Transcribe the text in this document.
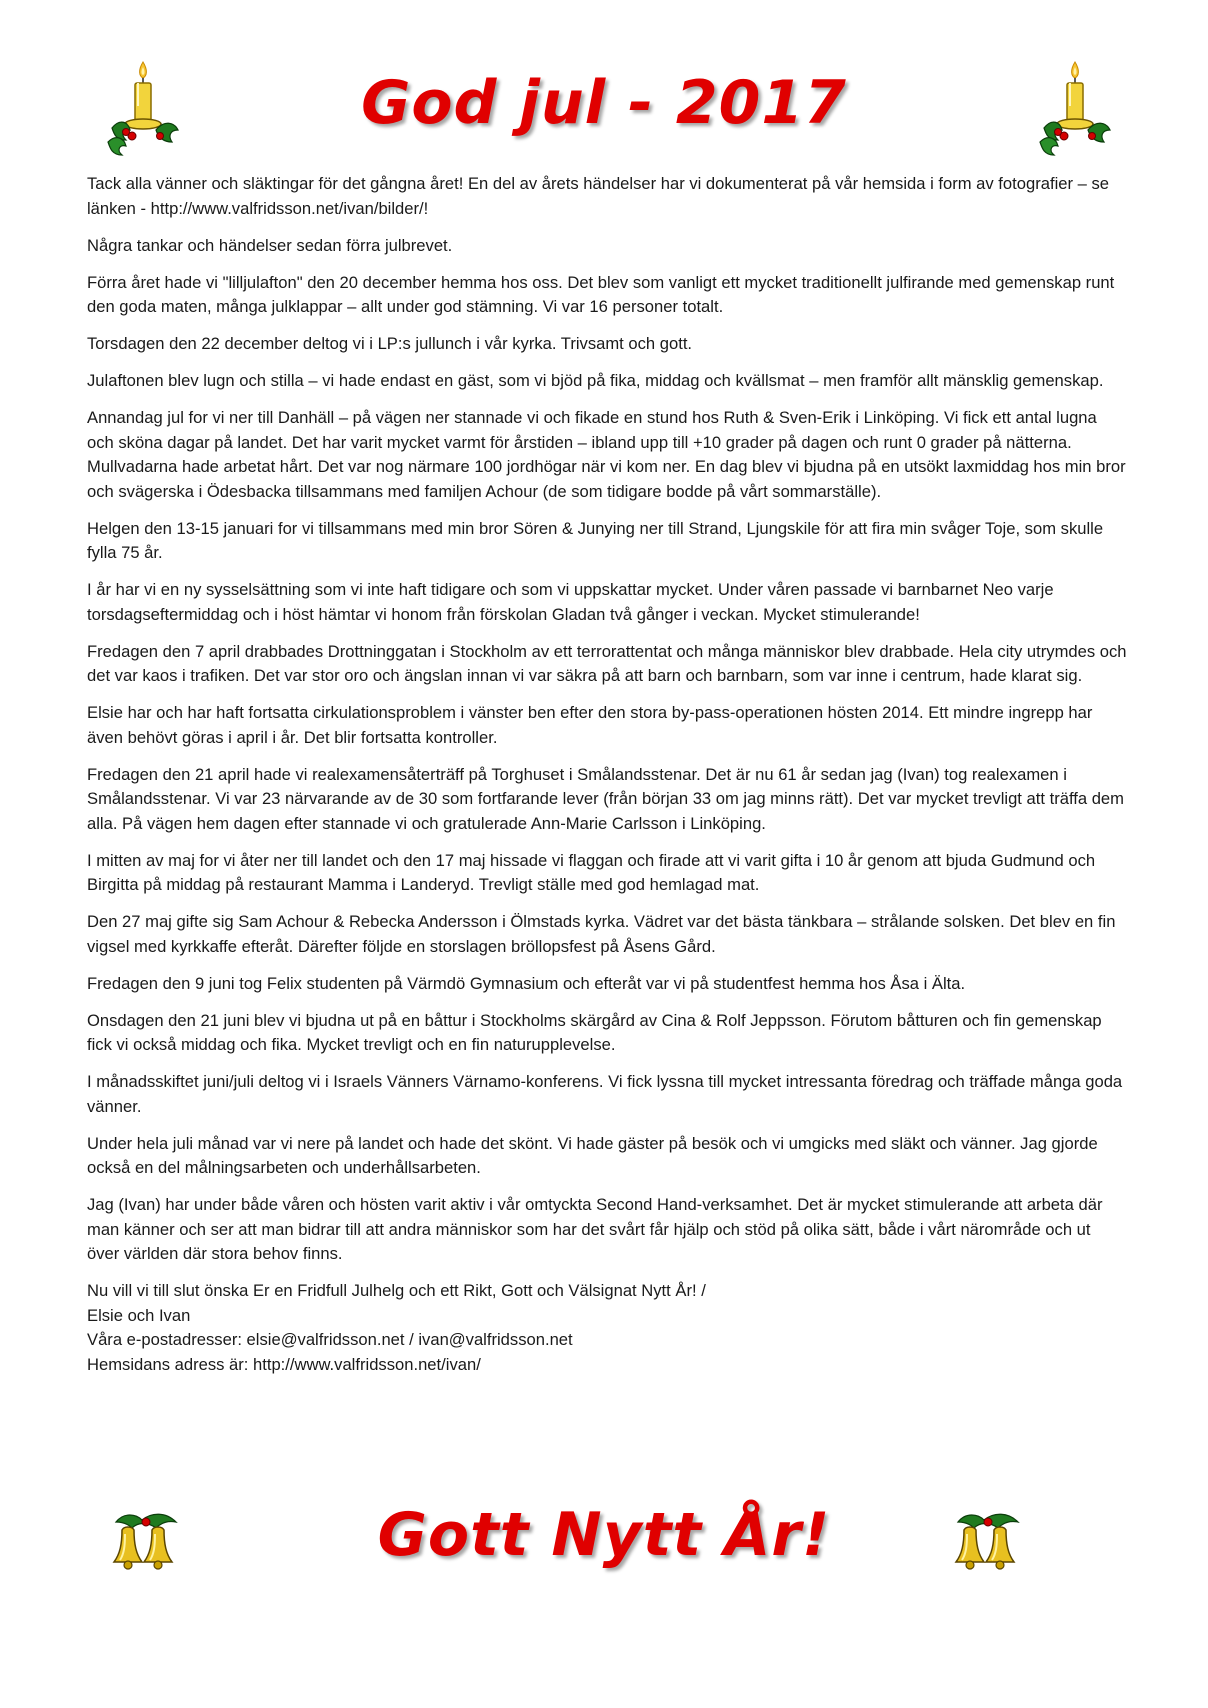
God jul - 2017

Tack alla vänner och släktingar för det gångna året! En del av årets händelser har vi dokumenterat på vår hemsida i form av fotografier – se länken - http://www.valfridsson.net/ivan/bilder/!

Några tankar och händelser sedan förra julbrevet.

Förra året hade vi "lilljulafton" den 20 december hemma hos oss. Det blev som vanligt ett mycket traditionellt julfirande med gemenskap runt den goda maten, många julklappar – allt under god stämning. Vi var 16 personer totalt.

Torsdagen den 22 december deltog vi i LP:s jullunch i vår kyrka. Trivsamt och gott.

Julaftonen blev lugn och stilla – vi hade endast en gäst, som vi bjöd på fika, middag och kvällsmat – men framför allt mänsklig gemenskap.

Annandag jul for vi ner till Danhäll – på vägen ner stannade vi och fikade en stund hos Ruth & Sven-Erik i Linköping. Vi fick ett antal lugna och sköna dagar på landet. Det har varit mycket varmt för årstiden – ibland upp till +10 grader på dagen och runt 0 grader på nätterna. Mullvadarna hade arbetat hårt. Det var nog närmare 100 jordhögar när vi kom ner. En dag blev vi bjudna på en utsökt laxmiddag hos min bror och svägerska i Ödesbacka tillsammans med familjen Achour (de som tidigare bodde på vårt sommarställe).

Helgen den 13-15 januari for vi tillsammans med min bror Sören & Junying ner till Strand, Ljungskile för att fira min svåger Toje, som skulle fylla 75 år.

I år har vi en ny sysselsättning som vi inte haft tidigare och som vi uppskattar mycket. Under våren passade vi barnbarnet Neo varje torsdagseftermiddag och i höst hämtar vi honom från förskolan Gladan två gånger i veckan. Mycket stimulerande!

Fredagen den 7 april drabbades Drottninggatan i Stockholm av ett terrorattentat och många människor blev drabbade. Hela city utrymdes och det var kaos i trafiken. Det var stor oro och ängslan innan vi var säkra på att barn och barnbarn, som var inne i centrum, hade klarat sig.

Elsie har och har haft fortsatta cirkulationsproblem i vänster ben efter den stora by-pass-operationen hösten 2014. Ett mindre ingrepp har även behövt göras i april i år. Det blir fortsatta kontroller.

Fredagen den 21 april hade vi realexamensåterträff på Torghuset i Smålandsstenar. Det är nu 61 år sedan jag (Ivan) tog realexamen i Smålandsstenar. Vi var 23 närvarande av de 30 som fortfarande lever (från början 33 om jag minns rätt). Det var mycket trevligt att träffa dem alla. På vägen hem dagen efter stannade vi och gratulerade Ann-Marie Carlsson i Linköping.

I mitten av maj for vi åter ner till landet och den 17 maj hissade vi flaggan och firade att vi varit gifta i 10 år genom att bjuda Gudmund och Birgitta på middag på restaurant Mamma i Landeryd. Trevligt ställe med god hemlagad mat.

Den 27 maj gifte sig Sam Achour & Rebecka Andersson i Ölmstads kyrka. Vädret var det bästa tänkbara – strålande solsken. Det blev en fin vigsel med kyrkkaffe efteråt. Därefter följde en storslagen bröllopsfest på Åsens Gård.

Fredagen den 9 juni tog Felix studenten på Värmdö Gymnasium och efteråt var vi på studentfest hemma hos Åsa i Älta.

Onsdagen den 21 juni blev vi bjudna ut på en båttur i Stockholms skärgård av Cina & Rolf Jeppsson. Förutom båtturen och fin gemenskap fick vi också middag och fika. Mycket trevligt och en fin naturupplevelse.

I månadsskiftet juni/juli deltog vi i Israels Vänners Värnamo-konferens. Vi fick lyssna till mycket intressanta föredrag och träffade många goda vänner.

Under hela juli månad var vi nere på landet och hade det skönt. Vi hade gäster på besök och vi umgicks med släkt och vänner. Jag gjorde också en del målningsarbeten och underhållsarbeten.

Jag (Ivan) har under både våren och hösten varit aktiv i vår omtyckta Second Hand-verksamhet. Det är mycket stimulerande att arbeta där man känner och ser att man bidrar till att andra människor som har det svårt får hjälp och stöd på olika sätt, både i vårt närområde och ut över världen där stora behov finns.

Nu vill vi till slut önska Er en Fridfull Julhelg och ett Rikt, Gott och Välsignat Nytt År! /
Elsie och Ivan
Våra e-postadresser: elsie@valfridsson.net / ivan@valfridsson.net
Hemsidans adress är: http://www.valfridsson.net/ivan/
Gott Nytt År!
